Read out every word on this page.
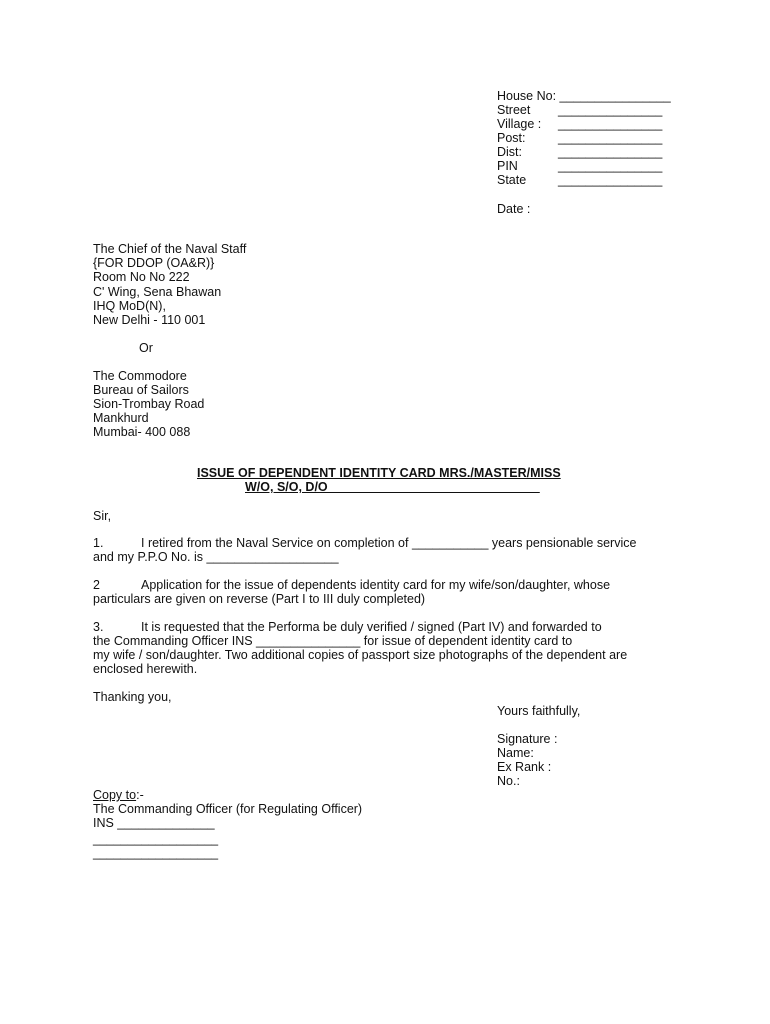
House No: ________________
Street _______________
Village : _______________
Post:	_______________
Dist:	_______________
PIN	_______________
State	_______________
Date :
The Chief of the Naval Staff
{FOR DDOP (OA&R)}
Room No No 222
C' Wing, Sena Bhawan
IHQ MoD(N),
New Delhi - 110 001
Or
The Commodore
Bureau of Sailors
Sion-Trombay Road
Mankhurd
Mumbai- 400 088
ISSUE OF DEPENDENT IDENTITY CARD MRS./MASTER/MISS
W/O, S/O, D/O ______________________________
Sir,
1.	I retired from the Naval Service on completion of ___________ years pensionable service
and my P.P.O No. is ___________________
2	Application for the issue of dependents identity card for my wife/son/daughter, whose
particulars are given on reverse (Part I to III duly completed)
3.	It is requested that the Performa be duly verified / signed (Part IV) and forwarded to
the Commanding Officer INS _______________ for issue of dependent identity card to
my wife / son/daughter. Two additional copies of passport size photographs of the dependent are
enclosed herewith.
Thanking you,
Yours faithfully,
Signature :
Name:
Ex Rank :
No.:
Copy to:-
The Commanding Officer (for Regulating Officer)
INS ______________
__________________
__________________
